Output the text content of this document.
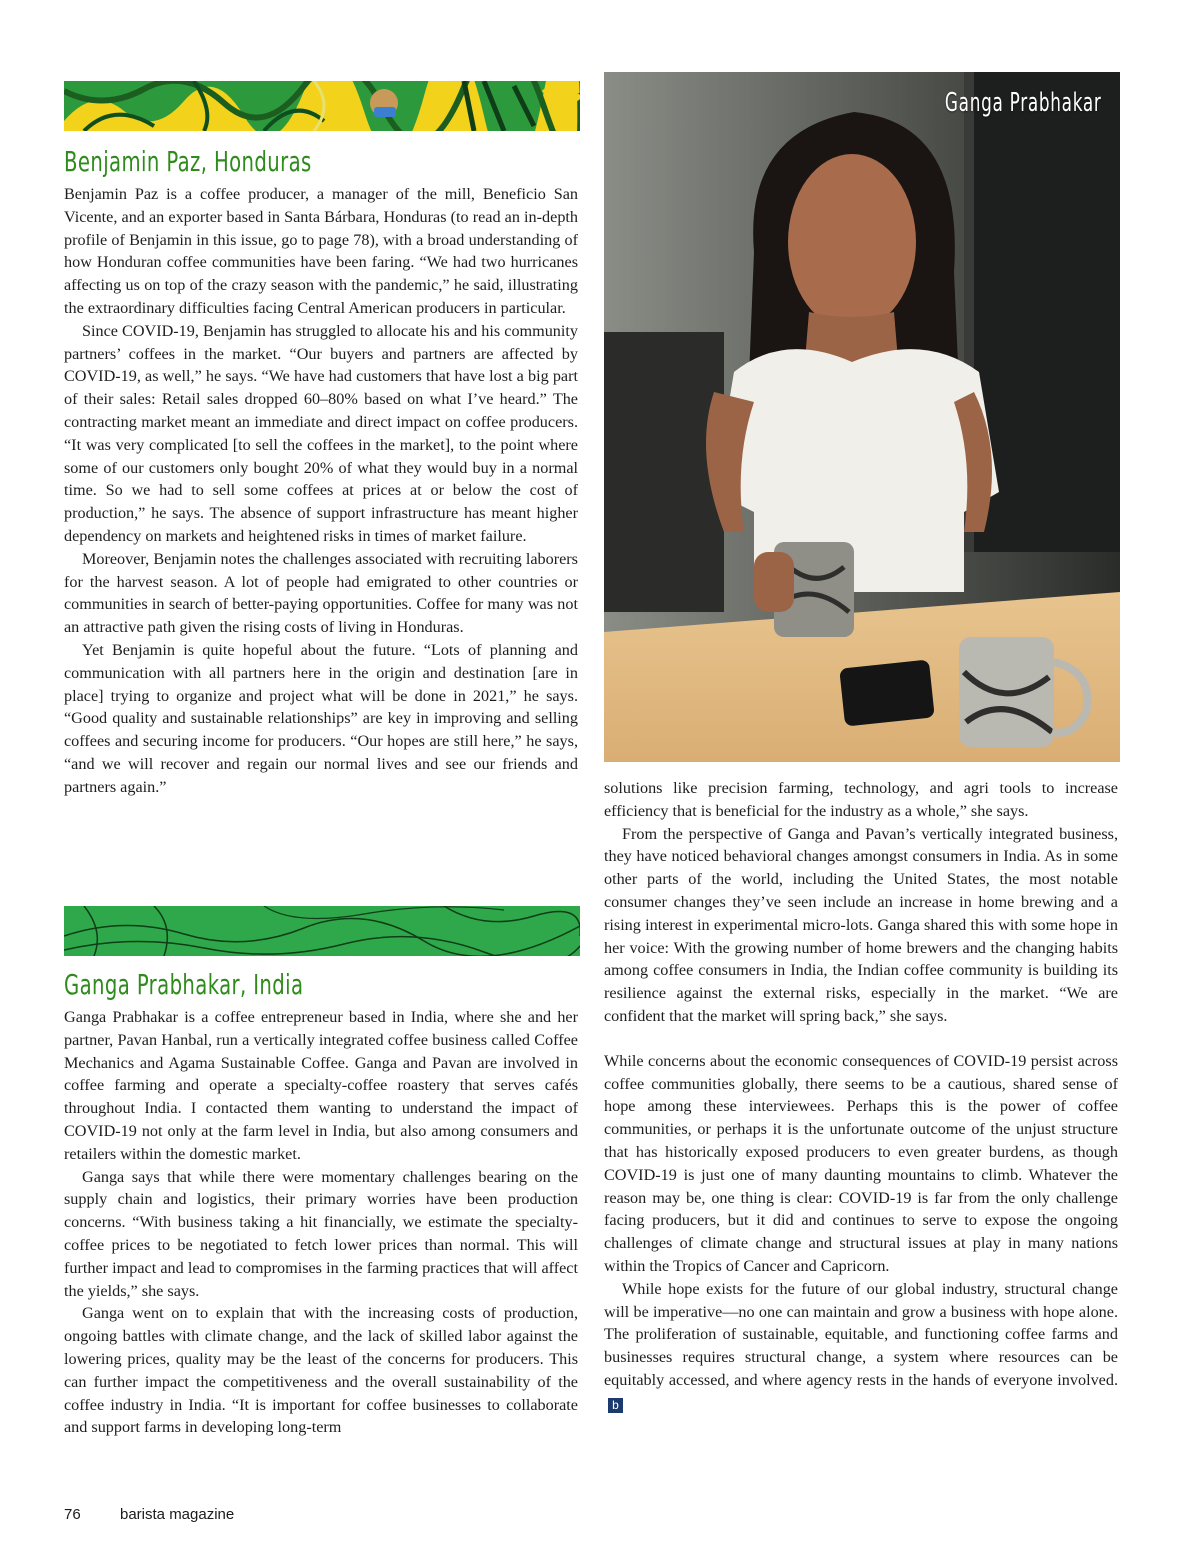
Benjamin Paz, Honduras

Benjamin Paz is a coffee producer, a manager of the mill, Beneficio San Vicente, and an exporter based in Santa Bárbara, Honduras (to read an in-depth profile of Benjamin in this issue, go to page 78), with a broad understanding of how Honduran coffee communities have been faring. “We had two hurricanes affecting us on top of the crazy season with the pandemic,” he said, illustrating the extraordinary difficulties facing Central American producers in particular.

Since COVID-19, Benjamin has struggled to allocate his and his community partners’ coffees in the market. “Our buyers and partners are affected by COVID-19, as well,” he says. “We have had customers that have lost a big part of their sales: Retail sales dropped 60–80% based on what I’ve heard.” The contracting market meant an immediate and direct impact on coffee producers. “It was very complicated [to sell the coffees in the market], to the point where some of our customers only bought 20% of what they would buy in a normal time. So we had to sell some coffees at prices at or below the cost of production,” he says. The absence of support infrastructure has meant higher dependency on markets and heightened risks in times of market failure.

Moreover, Benjamin notes the challenges associated with recruiting laborers for the harvest season. A lot of people had emigrated to other countries or communities in search of better-paying opportunities. Coffee for many was not an attractive path given the rising costs of living in Honduras.

Yet Benjamin is quite hopeful about the future. “Lots of planning and communication with all partners here in the origin and destination [are in place] trying to organize and project what will be done in 2021,” he says. “Good quality and sustainable relationships” are key in improving and selling coffees and securing income for producers. “Our hopes are still here,” he says, “and we will recover and regain our normal lives and see our friends and partners again.”

Ganga Prabhakar, India

Ganga Prabhakar is a coffee entrepreneur based in India, where she and her partner, Pavan Hanbal, run a vertically integrated coffee business called Coffee Mechanics and Agama Sustainable Coffee. Ganga and Pavan are involved in coffee farming and operate a specialty-coffee roastery that serves cafés throughout India. I contacted them wanting to understand the impact of COVID-19 not only at the farm level in India, but also among consumers and retailers within the domestic market.

Ganga says that while there were momentary challenges bearing on the supply chain and logistics, their primary worries have been production concerns. “With business taking a hit financially, we estimate the specialty-coffee prices to be negotiated to fetch lower prices than normal. This will further impact and lead to compromises in the farming practices that will affect the yields,” she says.

Ganga went on to explain that with the increasing costs of production, ongoing battles with climate change, and the lack of skilled labor against the lowering prices, quality may be the least of the concerns for producers. This can further impact the competitiveness and the overall sustainability of the coffee industry in India. “It is important for coffee businesses to collaborate and support farms in developing long-term

Ganga Prabhakar

solutions like precision farming, technology, and agri tools to increase efficiency that is beneficial for the industry as a whole,” she says.

From the perspective of Ganga and Pavan’s vertically integrated business, they have noticed behavioral changes amongst consumers in India. As in some other parts of the world, including the United States, the most notable consumer changes they’ve seen include an increase in home brewing and a rising interest in experimental micro-lots. Ganga shared this with some hope in her voice: With the growing number of home brewers and the changing habits among coffee consumers in India, the Indian coffee community is building its resilience against the external risks, especially in the market. “We are confident that the market will spring back,” she says.

While concerns about the economic consequences of COVID-19 persist across coffee communities globally, there seems to be a cautious, shared sense of hope among these interviewees. Perhaps this is the power of coffee communities, or perhaps it is the unfortunate outcome of the unjust structure that has historically exposed producers to even greater burdens, as though COVID-19 is just one of many daunting mountains to climb. Whatever the reason may be, one thing is clear: COVID-19 is far from the only challenge facing producers, but it did and continues to serve to expose the ongoing challenges of climate change and structural issues at play in many nations within the Tropics of Cancer and Capricorn.

While hope exists for the future of our global industry, structural change will be imperative—no one can maintain and grow a business with hope alone. The proliferation of sustainable, equitable, and functioning coffee farms and businesses requires structural change, a system where resources can be equitably accessed, and where agency rests in the hands of everyone involved.b

76	barista magazine
